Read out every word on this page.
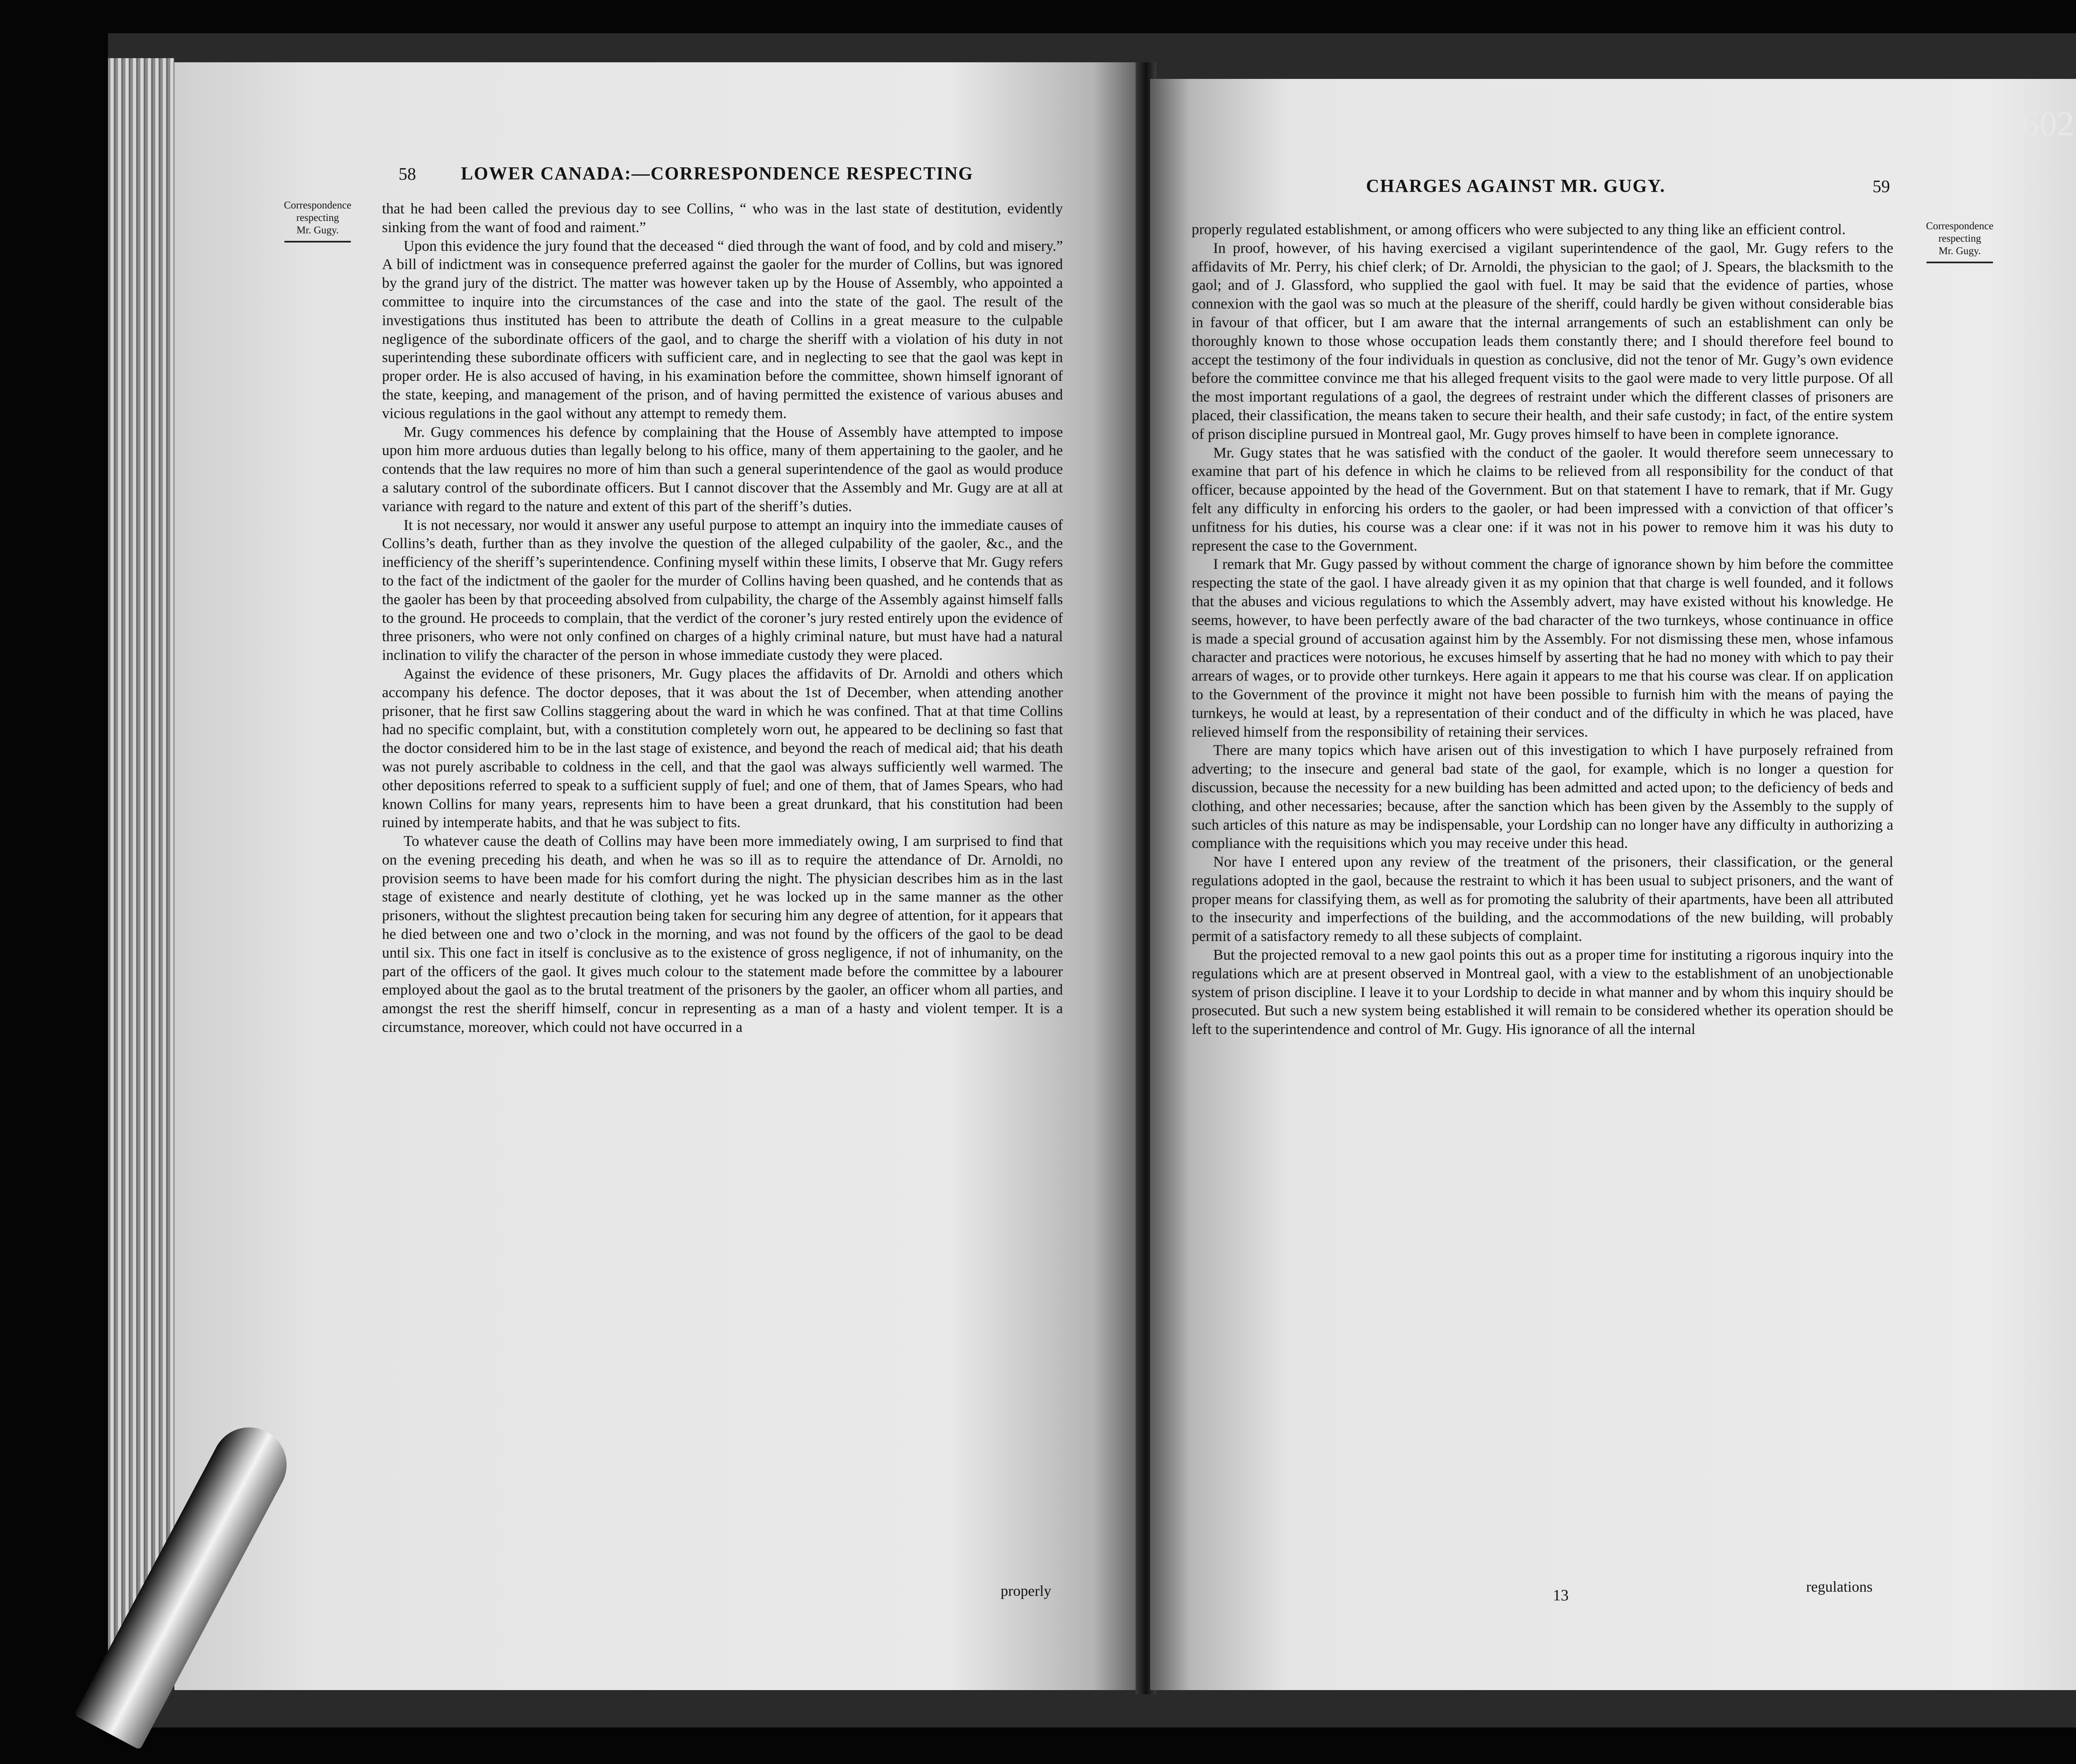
58 LOWER CANADA:—CORRESPONDENCE RESPECTING
Correspondence
respecting
Mr. Gugy.

that he had been called the previous day to see Collins, “ who was in the last state of destitution, evidently sinking from the want of food and raiment.”

Upon this evidence the jury found that the deceased “ died through the want of food, and by cold and misery.” A bill of indictment was in consequence preferred against the gaoler for the murder of Collins, but was ignored by the grand jury of the district. The matter was however taken up by the House of Assembly, who appointed a committee to inquire into the circumstances of the case and into the state of the gaol. The result of the investigations thus instituted has been to attribute the death of Collins in a great measure to the culpable negligence of the subordinate officers of the gaol, and to charge the sheriff with a violation of his duty in not superintending these subordinate officers with sufficient care, and in neglecting to see that the gaol was kept in proper order. He is also accused of having, in his examination before the committee, shown himself ignorant of the state, keeping, and management of the prison, and of having permitted the existence of various abuses and vicious regulations in the gaol without any attempt to remedy them.

Mr. Gugy commences his defence by complaining that the House of Assembly have attempted to impose upon him more arduous duties than legally belong to his office, many of them appertaining to the gaoler, and he contends that the law requires no more of him than such a general superintendence of the gaol as would produce a salutary control of the subordinate officers. But I cannot discover that the Assembly and Mr. Gugy are at all at variance with regard to the nature and extent of this part of the sheriff’s duties.

It is not necessary, nor would it answer any useful purpose to attempt an inquiry into the immediate causes of Collins’s death, further than as they involve the question of the alleged culpability of the gaoler, &c., and the inefficiency of the sheriff’s superintendence. Confining myself within these limits, I observe that Mr. Gugy refers to the fact of the indictment of the gaoler for the murder of Collins having been quashed, and he contends that as the gaoler has been by that proceeding absolved from culpability, the charge of the Assembly against himself falls to the ground. He proceeds to complain, that the verdict of the coroner’s jury rested entirely upon the evidence of three prisoners, who were not only confined on charges of a highly criminal nature, but must have had a natural inclination to vilify the character of the person in whose immediate custody they were placed.

Against the evidence of these prisoners, Mr. Gugy places the affidavits of Dr. Arnoldi and others which accompany his defence. The doctor deposes, that it was about the 1st of December, when attending another prisoner, that he first saw Collins staggering about the ward in which he was confined. That at that time Collins had no specific complaint, but, with a constitution completely worn out, he appeared to be declining so fast that the doctor considered him to be in the last stage of existence, and beyond the reach of medical aid; that his death was not purely ascribable to coldness in the cell, and that the gaol was always sufficiently well warmed. The other depositions referred to speak to a sufficient supply of fuel; and one of them, that of James Spears, who had known Collins for many years, represents him to have been a great drunkard, that his constitution had been ruined by intemperate habits, and that he was subject to fits.

To whatever cause the death of Collins may have been more immediately owing, I am surprised to find that on the evening preceding his death, and when he was so ill as to require the attendance of Dr. Arnoldi, no provision seems to have been made for his comfort during the night. The physician describes him as in the last stage of existence and nearly destitute of clothing, yet he was locked up in the same manner as the other prisoners, without the slightest precaution being taken for securing him any degree of attention, for it appears that he died between one and two o’clock in the morning, and was not found by the officers of the gaol to be dead until six. This one fact in itself is conclusive as to the existence of gross negligence, if not of inhumanity, on the part of the officers of the gaol. It gives much colour to the statement made before the committee by a labourer employed about the gaol as to the brutal treatment of the prisoners by the gaoler, an officer whom all parties, and amongst the rest the sheriff himself, concur in representing as a man of a hasty and violent temper. It is a circumstance, moreover, which could not have occurred in a

properly
CHARGES AGAINST MR. GUGY.	59
Correspondence
respecting
Mr. Gugy.

properly regulated establishment, or among officers who were subjected to any thing like an efficient control.

In proof, however, of his having exercised a vigilant superintendence of the gaol, Mr. Gugy refers to the affidavits of Mr. Perry, his chief clerk; of Dr. Arnoldi, the physician to the gaol; of J. Spears, the blacksmith to the gaol; and of J. Glassford, who supplied the gaol with fuel. It may be said that the evidence of parties, whose connexion with the gaol was so much at the pleasure of the sheriff, could hardly be given without considerable bias in favour of that officer, but I am aware that the internal arrangements of such an establishment can only be thoroughly known to those whose occupation leads them constantly there; and I should therefore feel bound to accept the testimony of the four individuals in question as conclusive, did not the tenor of Mr. Gugy’s own evidence before the committee convince me that his alleged frequent visits to the gaol were made to very little purpose. Of all the most important regulations of a gaol, the degrees of restraint under which the different classes of prisoners are placed, their classification, the means taken to secure their health, and their safe custody; in fact, of the entire system of prison discipline pursued in Montreal gaol, Mr. Gugy proves himself to have been in complete ignorance.

Mr. Gugy states that he was satisfied with the conduct of the gaoler. It would therefore seem unnecessary to examine that part of his defence in which he claims to be relieved from all responsibility for the conduct of that officer, because appointed by the head of the Government. But on that statement I have to remark, that if Mr. Gugy felt any difficulty in enforcing his orders to the gaoler, or had been impressed with a conviction of that officer’s unfitness for his duties, his course was a clear one: if it was not in his power to remove him it was his duty to represent the case to the Government.

I remark that Mr. Gugy passed by without comment the charge of ignorance shown by him before the committee respecting the state of the gaol. I have already given it as my opinion that that charge is well founded, and it follows that the abuses and vicious regulations to which the Assembly advert, may have existed without his knowledge. He seems, however, to have been perfectly aware of the bad character of the two turnkeys, whose continuance in office is made a special ground of accusation against him by the Assembly. For not dismissing these men, whose infamous character and practices were notorious, he excuses himself by asserting that he had no money with which to pay their arrears of wages, or to provide other turnkeys. Here again it appears to me that his course was clear. If on application to the Government of the province it might not have been possible to furnish him with the means of paying the turnkeys, he would at least, by a representation of their conduct and of the difficulty in which he was placed, have relieved himself from the responsibility of retaining their services.

There are many topics which have arisen out of this investigation to which I have purposely refrained from adverting; to the insecure and general bad state of the gaol, for example, which is no longer a question for discussion, because the necessity for a new building has been admitted and acted upon; to the deficiency of beds and clothing, and other necessaries; because, after the sanction which has been given by the Assembly to the supply of such articles of this nature as may be indispensable, your Lordship can no longer have any difficulty in authorizing a compliance with the requisitions which you may receive under this head.

Nor have I entered upon any review of the treatment of the prisoners, their classification, or the general regulations adopted in the gaol, because the restraint to which it has been usual to subject prisoners, and the want of proper means for classifying them, as well as for promoting the salubrity of their apartments, have been all attributed to the insecurity and imperfections of the building, and the accommodations of the new building, will probably permit of a satisfactory remedy to all these subjects of complaint.

But the projected removal to a new gaol points this out as a proper time for instituting a rigorous inquiry into the regulations which are at present observed in Montreal gaol, with a view to the establishment of an unobjectionable system of prison discipline. I leave it to your Lordship to decide in what manner and by whom this inquiry should be prosecuted. But such a new system being established it will remain to be considered whether its operation should be left to the superintendence and control of Mr. Gugy. His ignorance of all the internal

13	regulations
602
